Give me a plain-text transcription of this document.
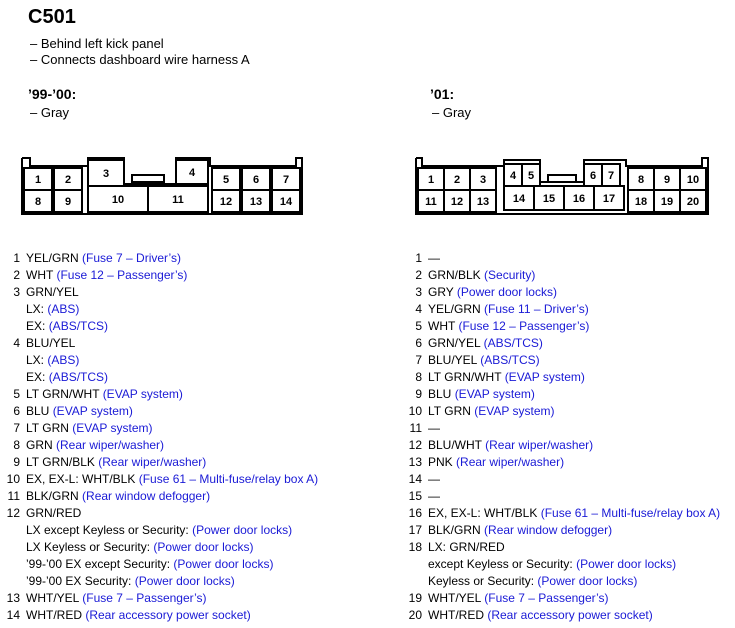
C501
– Behind left kick panel
– Connects dashboard wire harness A
’99-’00:
– Gray
’01:
– Gray
1 2	3	4
5 6 7
8 9	10	11	12 13 14
1 2 3 4 5	6 7 8 9 10
11 12 13 14 15 16 17 18 19 20
1 YEL/GRN (Fuse 7 – Driver’s)
2 WHT (Fuse 12 – Passenger’s)
3 GRN/YEL
LX: (ABS)
EX: (ABS/TCS)
4 BLU/YEL
LX: (ABS)
EX: (ABS/TCS)
5 LT GRN/WHT (EVAP system)
6 BLU (EVAP system)
7 LT GRN (EVAP system)
8 GRN (Rear wiper/washer)
9 LT GRN/BLK (Rear wiper/washer)
10 EX, EX-L: WHT/BLK (Fuse 61 – Multi-fuse/relay box A)
11 BLK/GRN (Rear window defogger)
12 GRN/RED
LX except Keyless or Security: (Power door locks)
LX Keyless or Security: (Power door locks)
’99-’00 EX except Security: (Power door locks)
’99-’00 EX Security: (Power door locks)
13 WHT/YEL (Fuse 7 – Passenger’s)
14 WHT/RED (Rear accessory power socket)
1 —
2 GRN/BLK (Security)
3 GRY (Power door locks)
4 YEL/GRN (Fuse 11 – Driver’s)
5 WHT (Fuse 12 – Passenger’s)
6 GRN/YEL (ABS/TCS)
7 BLU/YEL (ABS/TCS)
8 LT GRN/WHT (EVAP system)
9 BLU (EVAP system)
10 LT GRN (EVAP system)
11 —
12 BLU/WHT (Rear wiper/washer)
13 PNK (Rear wiper/washer)
14 —
15 —
16 EX, EX-L: WHT/BLK (Fuse 61 – Multi-fuse/relay box A)
17 BLK/GRN (Rear window defogger)
18 LX: GRN/RED
except Keyless or Security: (Power door locks)
Keyless or Security: (Power door locks)
19 WHT/YEL (Fuse 7 – Passenger’s)
20 WHT/RED (Rear accessory power socket)
